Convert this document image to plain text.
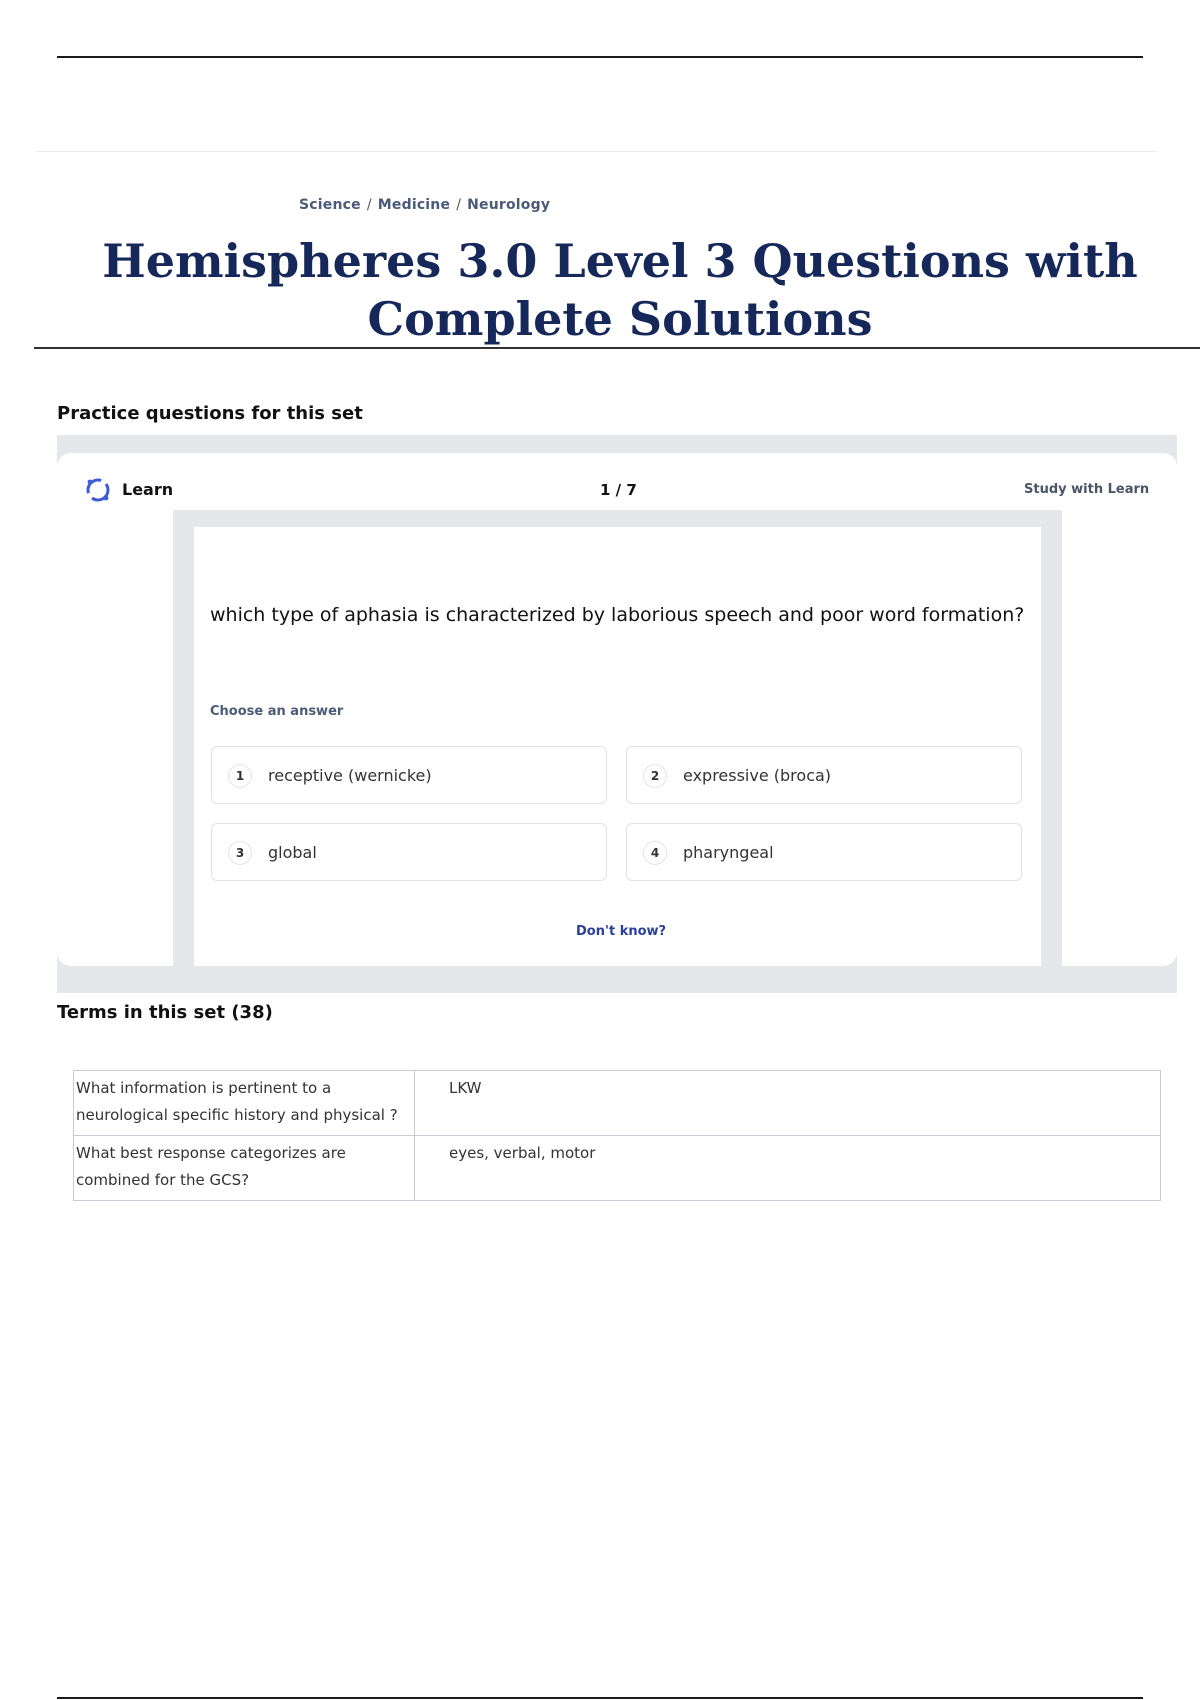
Science / Medicine / Neurology
Hemispheres 3.0 Level 3 Questions with Complete Solutions
Practice questions for this set
Learn	1 / 7	Study with Learn
which type of aphasia is characterized by laborious speech and poor word formation?
Choose an answer
1	receptive (wernicke)	2	expressive (broca)
3	global	4	pharyngeal
Don't know?
Terms in this set (38)
What information is pertinent to a neurological specific history and physical ?	LKW
What best response categorizes are combined for the GCS?	eyes, verbal, motor
